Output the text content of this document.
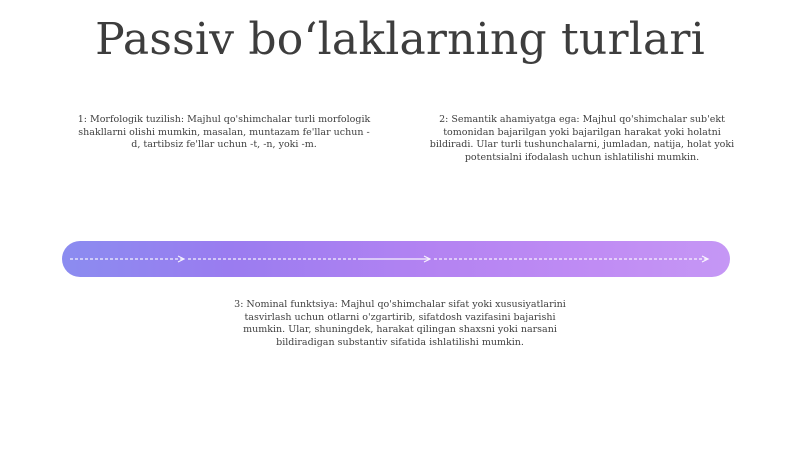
Passiv bo‘laklarning turlari

1: Morfologik tuzilish: Majhul qo'shimchalar turli morfologik shakllarni olishi mumkin, masalan, muntazam fe'llar uchun -d, tartibsiz fe'llar uchun -t, -n, yoki -m.

2: Semantik ahamiyatga ega: Majhul qo'shimchalar sub'ekt tomonidan bajarilgan yoki bajarilgan harakat yoki holatni bildiradi. Ular turli tushunchalarni, jumladan, natija, holat yoki potentsialni ifodalash uchun ishlatilishi mumkin.

3: Nominal funktsiya: Majhul qo'shimchalar sifat yoki xususiyatlarini tasvirlash uchun otlarni o'zgartirib, sifatdosh vazifasini bajarishi mumkin. Ular, shuningdek, harakat qilingan shaxsni yoki narsani bildiradigan substantiv sifatida ishlatilishi mumkin.
